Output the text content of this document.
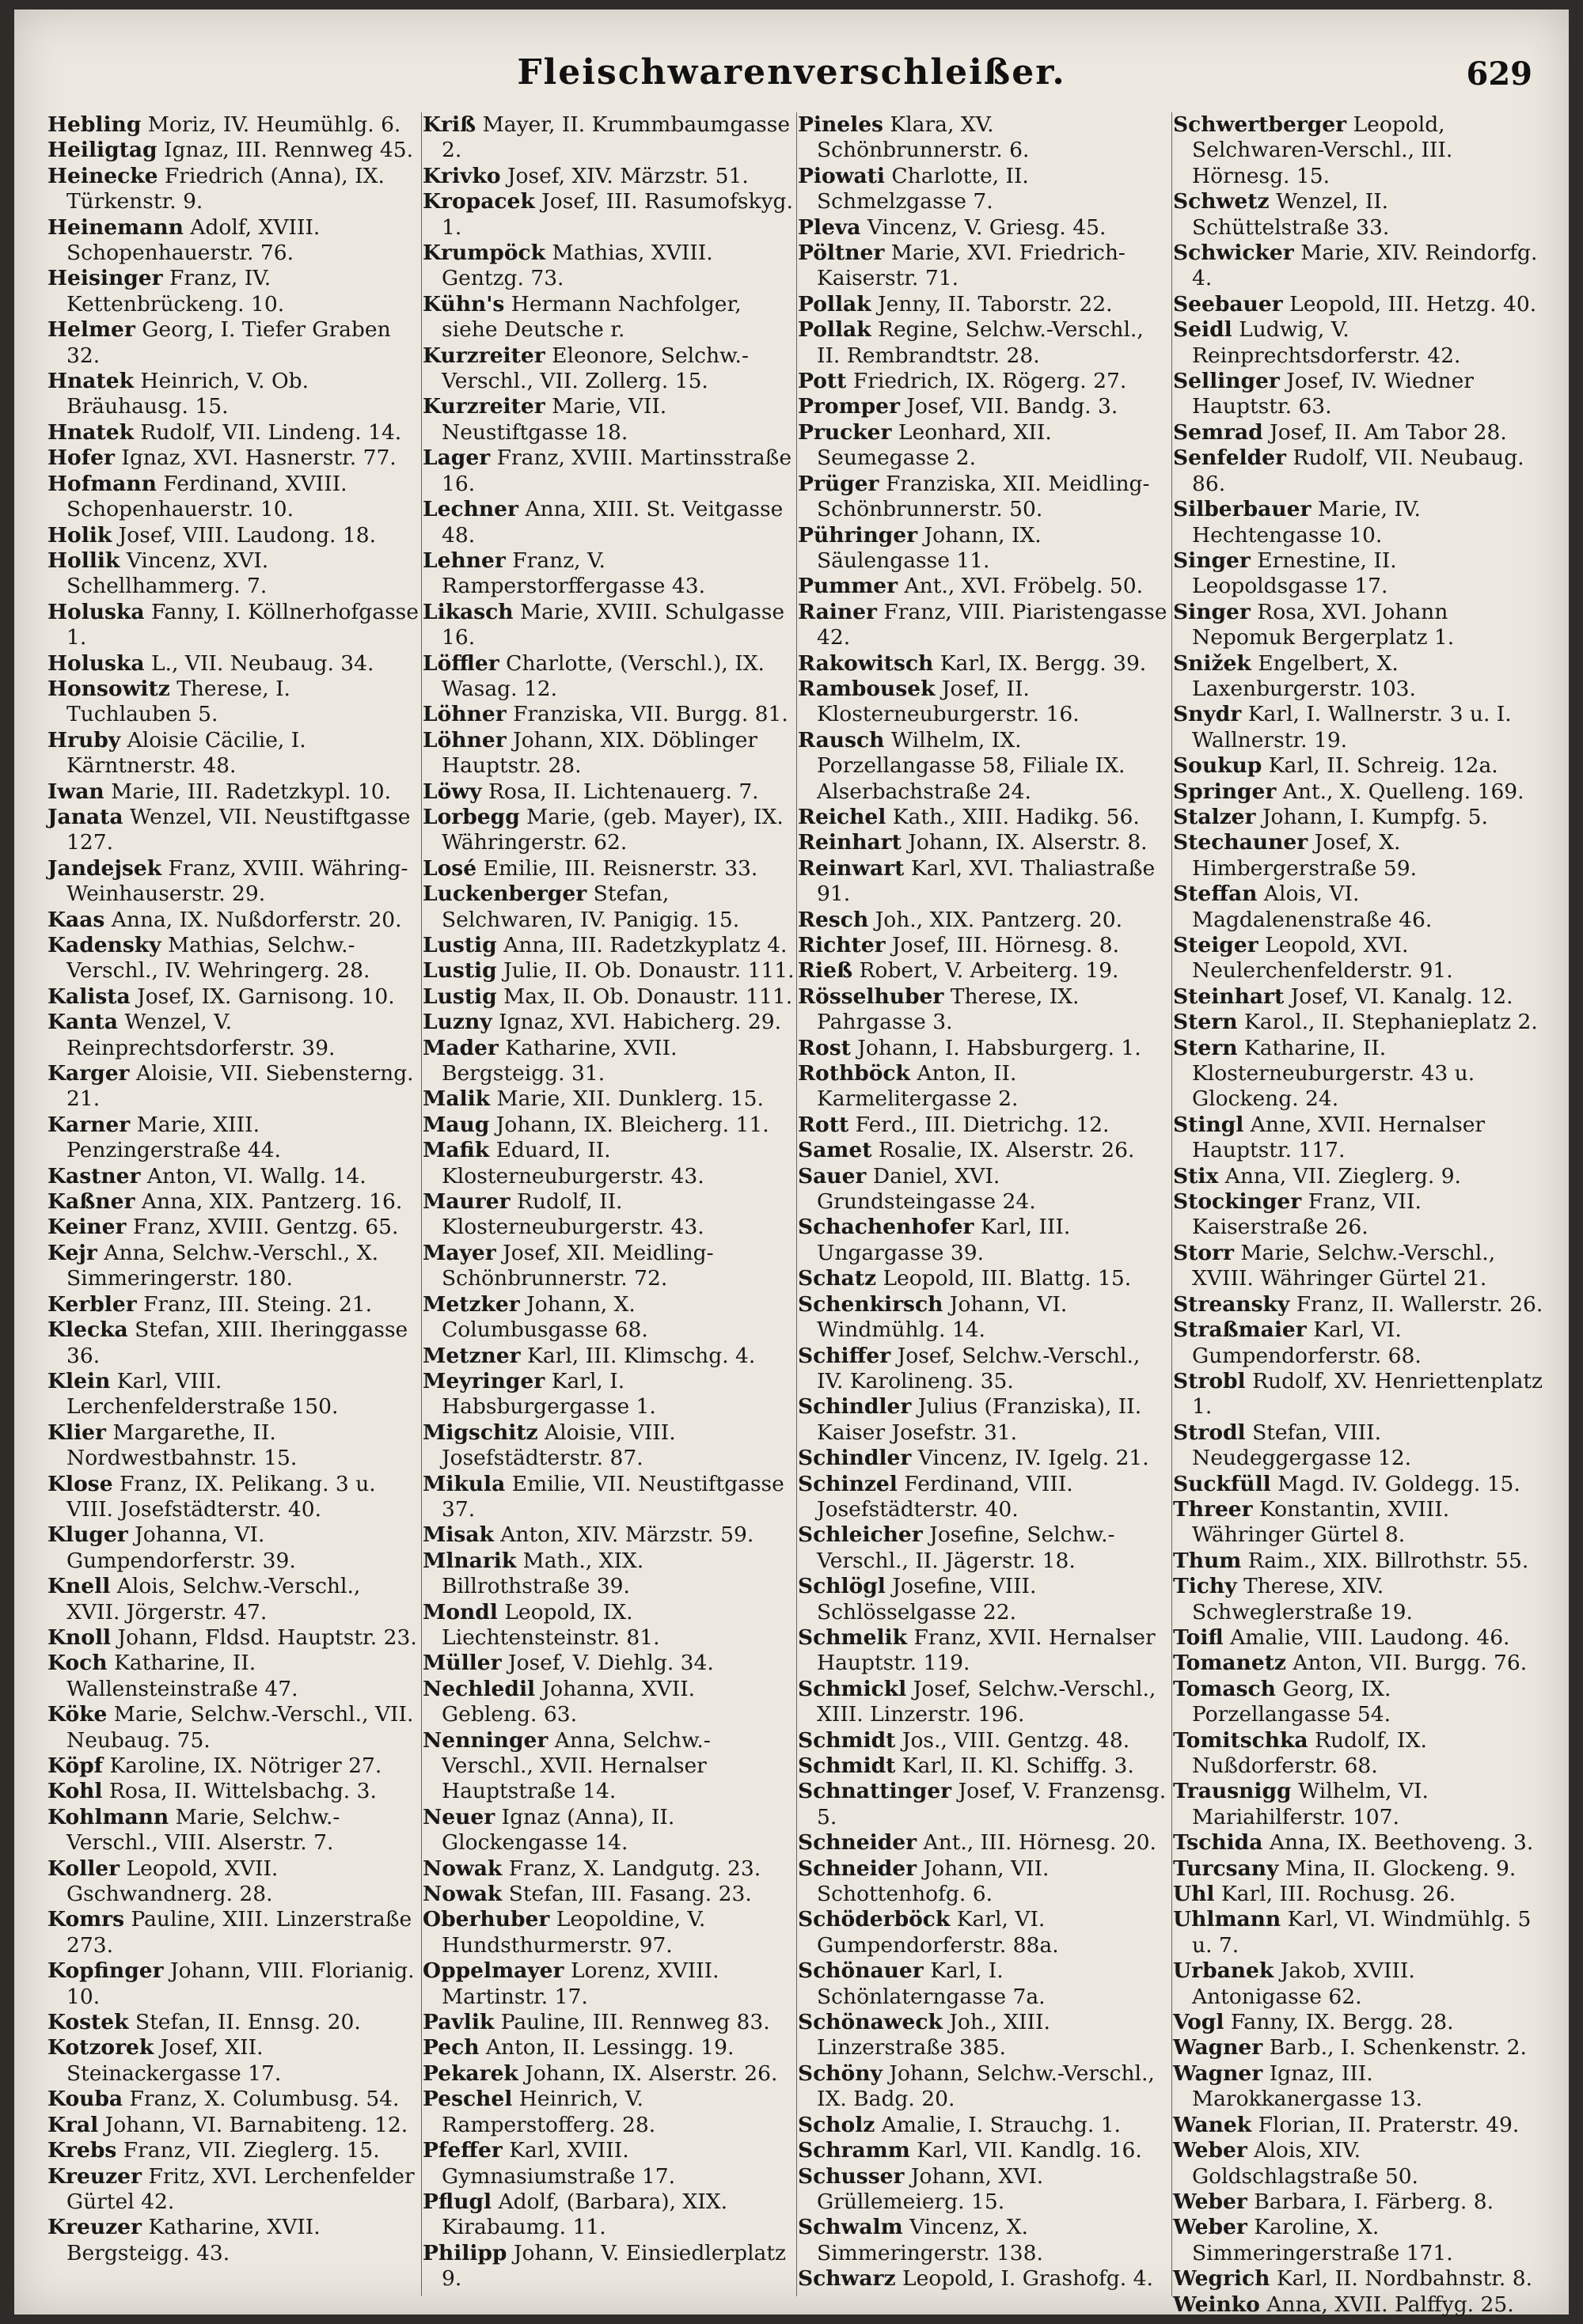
Fleischwarenverschleißer.	629

Hebling Moriz, IV. Heumühlg. 6.

Heiligtag Ignaz, III. Rennweg 45.

Heinecke Friedrich (Anna), IX. Türkenstr. 9.

Heinemann Adolf, XVIII. Schopenhauerstr. 76.

Heisinger Franz, IV. Kettenbrückeng. 10.

Helmer Georg, I. Tiefer Graben 32.

Hnatek Heinrich, V. Ob. Bräuhausg. 15.

Hnatek Rudolf, VII. Lindeng. 14.

Hofer Ignaz, XVI. Hasnerstr. 77.

Hofmann Ferdinand, XVIII. Schopenhauerstr. 10.

Holik Josef, VIII. Laudong. 18.

Hollik Vincenz, XVI. Schellhammerg. 7.

Holuska Fanny, I. Köllnerhofgasse 1.

Holuska L., VII. Neubaug. 34.

Honsowitz Therese, I. Tuchlauben 5.

Hruby Aloisie Cäcilie, I. Kärntnerstr. 48.

Iwan Marie, III. Radetzkypl. 10.

Janata Wenzel, VII. Neustiftgasse 127.

Jandejsek Franz, XVIII. Währing-Weinhauserstr. 29.

Kaas Anna, IX. Nußdorferstr. 20.

Kadensky Mathias, Selchw.-Verschl., IV. Wehringerg. 28.

Kalista Josef, IX. Garnisong. 10.

Kanta Wenzel, V. Reinprechtsdorferstr. 39.

Karger Aloisie, VII. Siebensterng. 21.

Karner Marie, XIII. Penzingerstraße 44.

Kastner Anton, VI. Wallg. 14.

Kaßner Anna, XIX. Pantzerg. 16.

Keiner Franz, XVIII. Gentzg. 65.

Kejr Anna, Selchw.-Verschl., X. Simmeringerstr. 180.

Kerbler Franz, III. Steing. 21.

Klecka Stefan, XIII. Iheringgasse 36.

Klein Karl, VIII. Lerchenfelderstraße 150.

Klier Margarethe, II. Nordwestbahnstr. 15.

Klose Franz, IX. Pelikang. 3 u. VIII. Josefstädterstr. 40.

Kluger Johanna, VI. Gumpendorferstr. 39.

Knell Alois, Selchw.-Verschl., XVII. Jörgerstr. 47.

Knoll Johann, Fldsd. Hauptstr. 23.

Koch Katharine, II. Wallensteinstraße 47.

Köke Marie, Selchw.-Verschl., VII. Neubaug. 75.

Köpf Karoline, IX. Nötriger 27.

Kohl Rosa, II. Wittelsbachg. 3.

Kohlmann Marie, Selchw.-Verschl., VIII. Alserstr. 7.

Koller Leopold, XVII. Gschwandnerg. 28.

Komrs Pauline, XIII. Linzerstraße 273.

Kopfinger Johann, VIII. Florianig. 10.

Kostek Stefan, II. Ennsg. 20.

Kotzorek Josef, XII. Steinackergasse 17.

Kouba Franz, X. Columbusg. 54.

Kral Johann, VI. Barnabiteng. 12.

Krebs Franz, VII. Zieglerg. 15.

Kreuzer Fritz, XVI. Lerchenfelder Gürtel 42.

Kreuzer Katharine, XVII. Bergsteigg. 43.

Kriß Mayer, II. Krummbaumgasse 2.

Krivko Josef, XIV. Märzstr. 51.

Kropacek Josef, III. Rasumofskyg. 1.

Krumpöck Mathias, XVIII. Gentzg. 73.

Kühn's Hermann Nachfolger, siehe Deutsche r.

Kurzreiter Eleonore, Selchw.-Verschl., VII. Zollerg. 15.

Kurzreiter Marie, VII. Neustiftgasse 18.

Lager Franz, XVIII. Martinsstraße 16.

Lechner Anna, XIII. St. Veitgasse 48.

Lehner Franz, V. Ramperstorffergasse 43.

Likasch Marie, XVIII. Schulgasse 16.

Löffler Charlotte, (Verschl.), IX. Wasag. 12.

Löhner Franziska, VII. Burgg. 81.

Löhner Johann, XIX. Döblinger Hauptstr. 28.

Löwy Rosa, II. Lichtenauerg. 7.

Lorbegg Marie, (geb. Mayer), IX. Währingerstr. 62.

Losé Emilie, III. Reisnerstr. 33.

Luckenberger Stefan, Selchwaren, IV. Panigig. 15.

Lustig Anna, III. Radetzkyplatz 4.

Lustig Julie, II. Ob. Donaustr. 111.

Lustig Max, II. Ob. Donaustr. 111.

Luzny Ignaz, XVI. Habicherg. 29.

Mader Katharine, XVII. Bergsteigg. 31.

Malik Marie, XII. Dunklerg. 15.

Maug Johann, IX. Bleicherg. 11.

Mafik Eduard, II. Klosterneuburgerstr. 43.

Maurer Rudolf, II. Klosterneuburgerstr. 43.

Mayer Josef, XII. Meidling-Schönbrunnerstr. 72.

Metzker Johann, X. Columbusgasse 68.

Metzner Karl, III. Klimschg. 4.

Meyringer Karl, I. Habsburgergasse 1.

Migschitz Aloisie, VIII. Josefstädterstr. 87.

Mikula Emilie, VII. Neustiftgasse 37.

Misak Anton, XIV. Märzstr. 59.

Mlnarik Math., XIX. Billrothstraße 39.

Mondl Leopold, IX. Liechtensteinstr. 81.

Müller Josef, V. Diehlg. 34.

Nechledil Johanna, XVII. Gebleng. 63.

Nenninger Anna, Selchw.-Verschl., XVII. Hernalser Hauptstraße 14.

Neuer Ignaz (Anna), II. Glockengasse 14.

Nowak Franz, X. Landgutg. 23.

Nowak Stefan, III. Fasang. 23.

Oberhuber Leopoldine, V. Hundsthurmerstr. 97.

Oppelmayer Lorenz, XVIII. Martinstr. 17.

Pavlik Pauline, III. Rennweg 83.

Pech Anton, II. Lessingg. 19.

Pekarek Johann, IX. Alserstr. 26.

Peschel Heinrich, V. Ramperstofferg. 28.

Pfeffer Karl, XVIII. Gymnasiumstraße 17.

Pflugl Adolf, (Barbara), XIX. Kirabaumg. 11.

Philipp Johann, V. Einsiedlerplatz 9.

Pineles Klara, XV. Schönbrunnerstr. 6.

Piowati Charlotte, II. Schmelzgasse 7.

Pleva Vincenz, V. Griesg. 45.

Pöltner Marie, XVI. Friedrich-Kaiserstr. 71.

Pollak Jenny, II. Taborstr. 22.

Pollak Regine, Selchw.-Verschl., II. Rembrandtstr. 28.

Pott Friedrich, IX. Rögerg. 27.

Promper Josef, VII. Bandg. 3.

Prucker Leonhard, XII. Seumegasse 2.

Prüger Franziska, XII. Meidling-Schönbrunnerstr. 50.

Pühringer Johann, IX. Säulengasse 11.

Pummer Ant., XVI. Fröbelg. 50.

Rainer Franz, VIII. Piaristengasse 42.

Rakowitsch Karl, IX. Bergg. 39.

Rambousek Josef, II. Klosterneuburgerstr. 16.

Rausch Wilhelm, IX. Porzellangasse 58, Filiale IX. Alserbachstraße 24.

Reichel Kath., XIII. Hadikg. 56.

Reinhart Johann, IX. Alserstr. 8.

Reinwart Karl, XVI. Thaliastraße 91.

Resch Joh., XIX. Pantzerg. 20.

Richter Josef, III. Hörnesg. 8.

Rieß Robert, V. Arbeiterg. 19.

Rösselhuber Therese, IX. Pahrgasse 3.

Rost Johann, I. Habsburgerg. 1.

Rothböck Anton, II. Karmelitergasse 2.

Rott Ferd., III. Dietrichg. 12.

Samet Rosalie, IX. Alserstr. 26.

Sauer Daniel, XVI. Grundsteingasse 24.

Schachenhofer Karl, III. Ungargasse 39.

Schatz Leopold, III. Blattg. 15.

Schenkirsch Johann, VI. Windmühlg. 14.

Schiffer Josef, Selchw.-Verschl., IV. Karolineng. 35.

Schindler Julius (Franziska), II. Kaiser Josefstr. 31.

Schindler Vincenz, IV. Igelg. 21.

Schinzel Ferdinand, VIII. Josefstädterstr. 40.

Schleicher Josefine, Selchw.-Verschl., II. Jägerstr. 18.

Schlögl Josefine, VIII. Schlösselgasse 22.

Schmelik Franz, XVII. Hernalser Hauptstr. 119.

Schmickl Josef, Selchw.-Verschl., XIII. Linzerstr. 196.

Schmidt Jos., VIII. Gentzg. 48.

Schmidt Karl, II. Kl. Schiffg. 3.

Schnattinger Josef, V. Franzensg. 5.

Schneider Ant., III. Hörnesg. 20.

Schneider Johann, VII. Schottenhofg. 6.

Schöderböck Karl, VI. Gumpendorferstr. 88a.

Schönauer Karl, I. Schönlaterngasse 7a.

Schönaweck Joh., XIII. Linzerstraße 385.

Schöny Johann, Selchw.-Verschl., IX. Badg. 20.

Scholz Amalie, I. Strauchg. 1.

Schramm Karl, VII. Kandlg. 16.

Schusser Johann, XVI. Grüllemeierg. 15.

Schwalm Vincenz, X. Simmeringerstr. 138.

Schwarz Leopold, I. Grashofg. 4.

Schwertberger Leopold, Selchwaren-Verschl., III. Hörnesg. 15.

Schwetz Wenzel, II. Schüttelstraße 33.

Schwicker Marie, XIV. Reindorfg. 4.

Seebauer Leopold, III. Hetzg. 40.

Seidl Ludwig, V. Reinprechtsdorferstr. 42.

Sellinger Josef, IV. Wiedner Hauptstr. 63.

Semrad Josef, II. Am Tabor 28.

Senfelder Rudolf, VII. Neubaug. 86.

Silberbauer Marie, IV. Hechtengasse 10.

Singer Ernestine, II. Leopoldsgasse 17.

Singer Rosa, XVI. Johann Nepomuk Bergerplatz 1.

Snižek Engelbert, X. Laxenburgerstr. 103.

Snydr Karl, I. Wallnerstr. 3 u. I. Wallnerstr. 19.

Soukup Karl, II. Schreig. 12a.

Springer Ant., X. Quelleng. 169.

Stalzer Johann, I. Kumpfg. 5.

Stechauner Josef, X. Himbergerstraße 59.

Steffan Alois, VI. Magdalenenstraße 46.

Steiger Leopold, XVI. Neulerchenfelderstr. 91.

Steinhart Josef, VI. Kanalg. 12.

Stern Karol., II. Stephanieplatz 2.

Stern Katharine, II. Klosterneuburgerstr. 43 u. Glockeng. 24.

Stingl Anne, XVII. Hernalser Hauptstr. 117.

Stix Anna, VII. Zieglerg. 9.

Stockinger Franz, VII. Kaiserstraße 26.

Storr Marie, Selchw.-Verschl., XVIII. Währinger Gürtel 21.

Streansky Franz, II. Wallerstr. 26.

Straßmaier Karl, VI. Gumpendorferstr. 68.

Strobl Rudolf, XV. Henriettenplatz 1.

Strodl Stefan, VIII. Neudeggergasse 12.

Suckfüll Magd. IV. Goldegg. 15.

Threer Konstantin, XVIII. Währinger Gürtel 8.

Thum Raim., XIX. Billrothstr. 55.

Tichy Therese, XIV. Schweglerstraße 19.

Toifl Amalie, VIII. Laudong. 46.

Tomanetz Anton, VII. Burgg. 76.

Tomasch Georg, IX. Porzellangasse 54.

Tomitschka Rudolf, IX. Nußdorferstr. 68.

Trausnigg Wilhelm, VI. Mariahilferstr. 107.

Tschida Anna, IX. Beethoveng. 3.

Turcsany Mina, II. Glockeng. 9.

Uhl Karl, III. Rochusg. 26.

Uhlmann Karl, VI. Windmühlg. 5 u. 7.

Urbanek Jakob, XVIII. Antonigasse 62.

Vogl Fanny, IX. Bergg. 28.

Wagner Barb., I. Schenkenstr. 2.

Wagner Ignaz, III. Marokkanergasse 13.

Wanek Florian, II. Praterstr. 49.

Weber Alois, XIV. Goldschlagstraße 50.

Weber Barbara, I. Färberg. 8.

Weber Karoline, X. Simmeringerstraße 171.

Wegrich Karl, II. Nordbahnstr. 8.

Weinko Anna, XVII. Palffyg. 25.
